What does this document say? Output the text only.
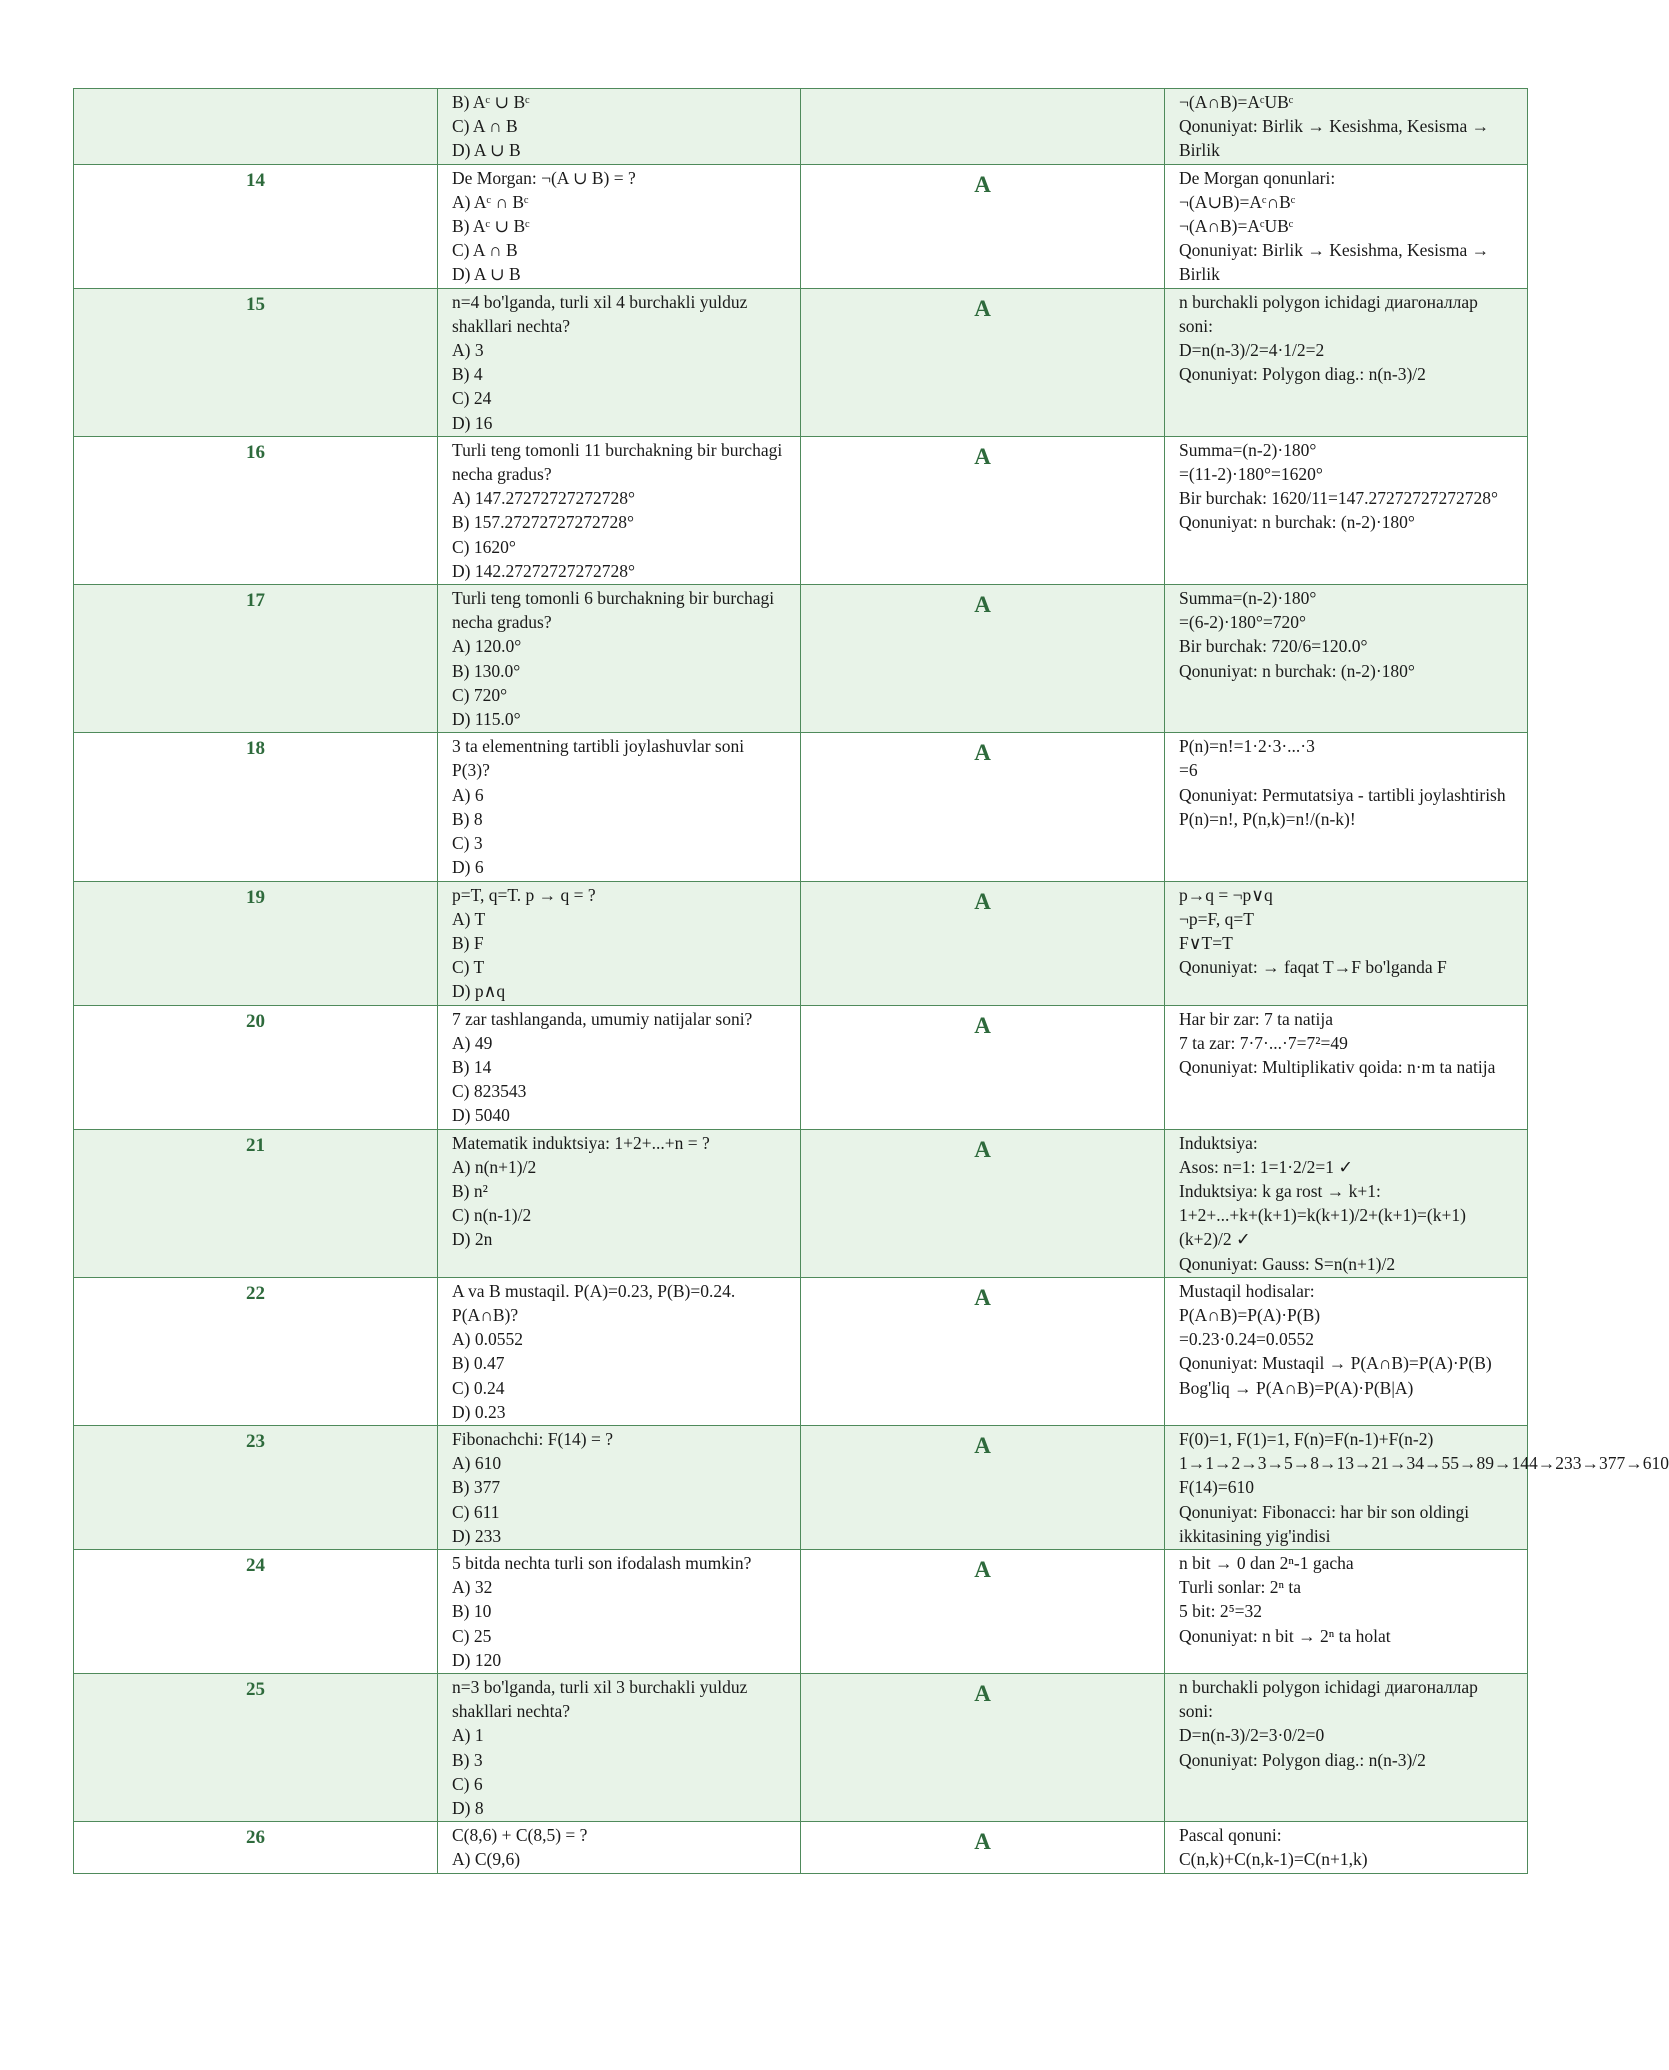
	B) Aᶜ ∪ Bᶜ
C) A ∩ B
D) A ∪ B		¬(A∩B)=AᶜUBᶜ
Qonuniyat: Birlik → Kesishma, Kesisma → Birlik

14	De Morgan: ¬(A ∪ B) = ?
A) Aᶜ ∩ Bᶜ
B) Aᶜ ∪ Bᶜ
C) A ∩ B
D) A ∪ B	A	De Morgan qonunlari:
¬(A∪B)=Aᶜ∩Bᶜ
¬(A∩B)=AᶜUBᶜ
Qonuniyat: Birlik → Kesishma, Kesisma → Birlik

15	n=4 bo'lganda, turli xil 4 burchakli yulduz shakllari nechta?
A) 3
B) 4
C) 24
D) 16	A	n burchakli polygon ichidagi диагоналлар soni:
D=n(n-3)/2=4·1/2=2
Qonuniyat: Polygon diag.: n(n-3)/2

16	Turli teng tomonli 11 burchakning bir burchagi necha gradus?
A) 147.27272727272728°
B) 157.27272727272728°
C) 1620°
D) 142.27272727272728°	A	Summa=(n-2)·180°
=(11-2)·180°=1620°
Bir burchak: 1620/11=147.27272727272728°
Qonuniyat: n burchak: (n-2)·180°

17	Turli teng tomonli 6 burchakning bir burchagi necha gradus?
A) 120.0°
B) 130.0°
C) 720°
D) 115.0°	A	Summa=(n-2)·180°
=(6-2)·180°=720°
Bir burchak: 720/6=120.0°
Qonuniyat: n burchak: (n-2)·180°

18	3 ta elementning tartibli joylashuvlar soni P(3)?
A) 6
B) 8
C) 3
D) 6	A	P(n)=n!=1·2·3·...·3
=6
Qonuniyat: Permutatsiya - tartibli joylashtirish
P(n)=n!, P(n,k)=n!/(n-k)!

19	p=T, q=T. p → q = ?
A) T
B) F
C) T
D) p∧q	A	p→q = ¬p∨q
¬p=F, q=T
F∨T=T
Qonuniyat: → faqat T→F bo'lganda F

20	7 zar tashlanganda, umumiy natijalar soni?
A) 49
B) 14
C) 823543
D) 5040	A	Har bir zar: 7 ta natija
7 ta zar: 7·7·...·7=7²=49
Qonuniyat: Multiplikativ qoida: n·m ta natija

21	Matematik induktsiya: 1+2+...+n = ?
A) n(n+1)/2
B) n²
C) n(n-1)/2
D) 2n	A	Induktsiya:
Asos: n=1: 1=1·2/2=1 ✓
Induktsiya: k ga rost → k+1:
1+2+...+k+(k+1)=k(k+1)/2+(k+1)=(k+1)(k+2)/2 ✓
Qonuniyat: Gauss: S=n(n+1)/2

22	A va B mustaqil. P(A)=0.23, P(B)=0.24. P(A∩B)?
A) 0.0552
B) 0.47
C) 0.24
D) 0.23	A	Mustaqil hodisalar:
P(A∩B)=P(A)·P(B)
=0.23·0.24=0.0552
Qonuniyat: Mustaqil → P(A∩B)=P(A)·P(B)
Bog'liq → P(A∩B)=P(A)·P(B|A)

23	Fibonachchi: F(14) = ?
A) 610
B) 377
C) 611
D) 233	A	F(0)=1, F(1)=1, F(n)=F(n-1)+F(n-2)
1→1→2→3→5→8→13→21→34→55→89→144→233→377→610
F(14)=610
Qonuniyat: Fibonacci: har bir son oldingi ikkitasining yig'indisi

24	5 bitda nechta turli son ifodalash mumkin?
A) 32
B) 10
C) 25
D) 120	A	n bit → 0 dan 2ⁿ-1 gacha
Turli sonlar: 2ⁿ ta
5 bit: 2⁵=32
Qonuniyat: n bit → 2ⁿ ta holat

25	n=3 bo'lganda, turli xil 3 burchakli yulduz shakllari nechta?
A) 1
B) 3
C) 6
D) 8	A	n burchakli polygon ichidagi диагоналлар soni:
D=n(n-3)/2=3·0/2=0
Qonuniyat: Polygon diag.: n(n-3)/2

26	C(8,6) + C(8,5) = ?
A) C(9,6)	A	Pascal qonuni:
C(n,k)+C(n,k-1)=C(n+1,k)
